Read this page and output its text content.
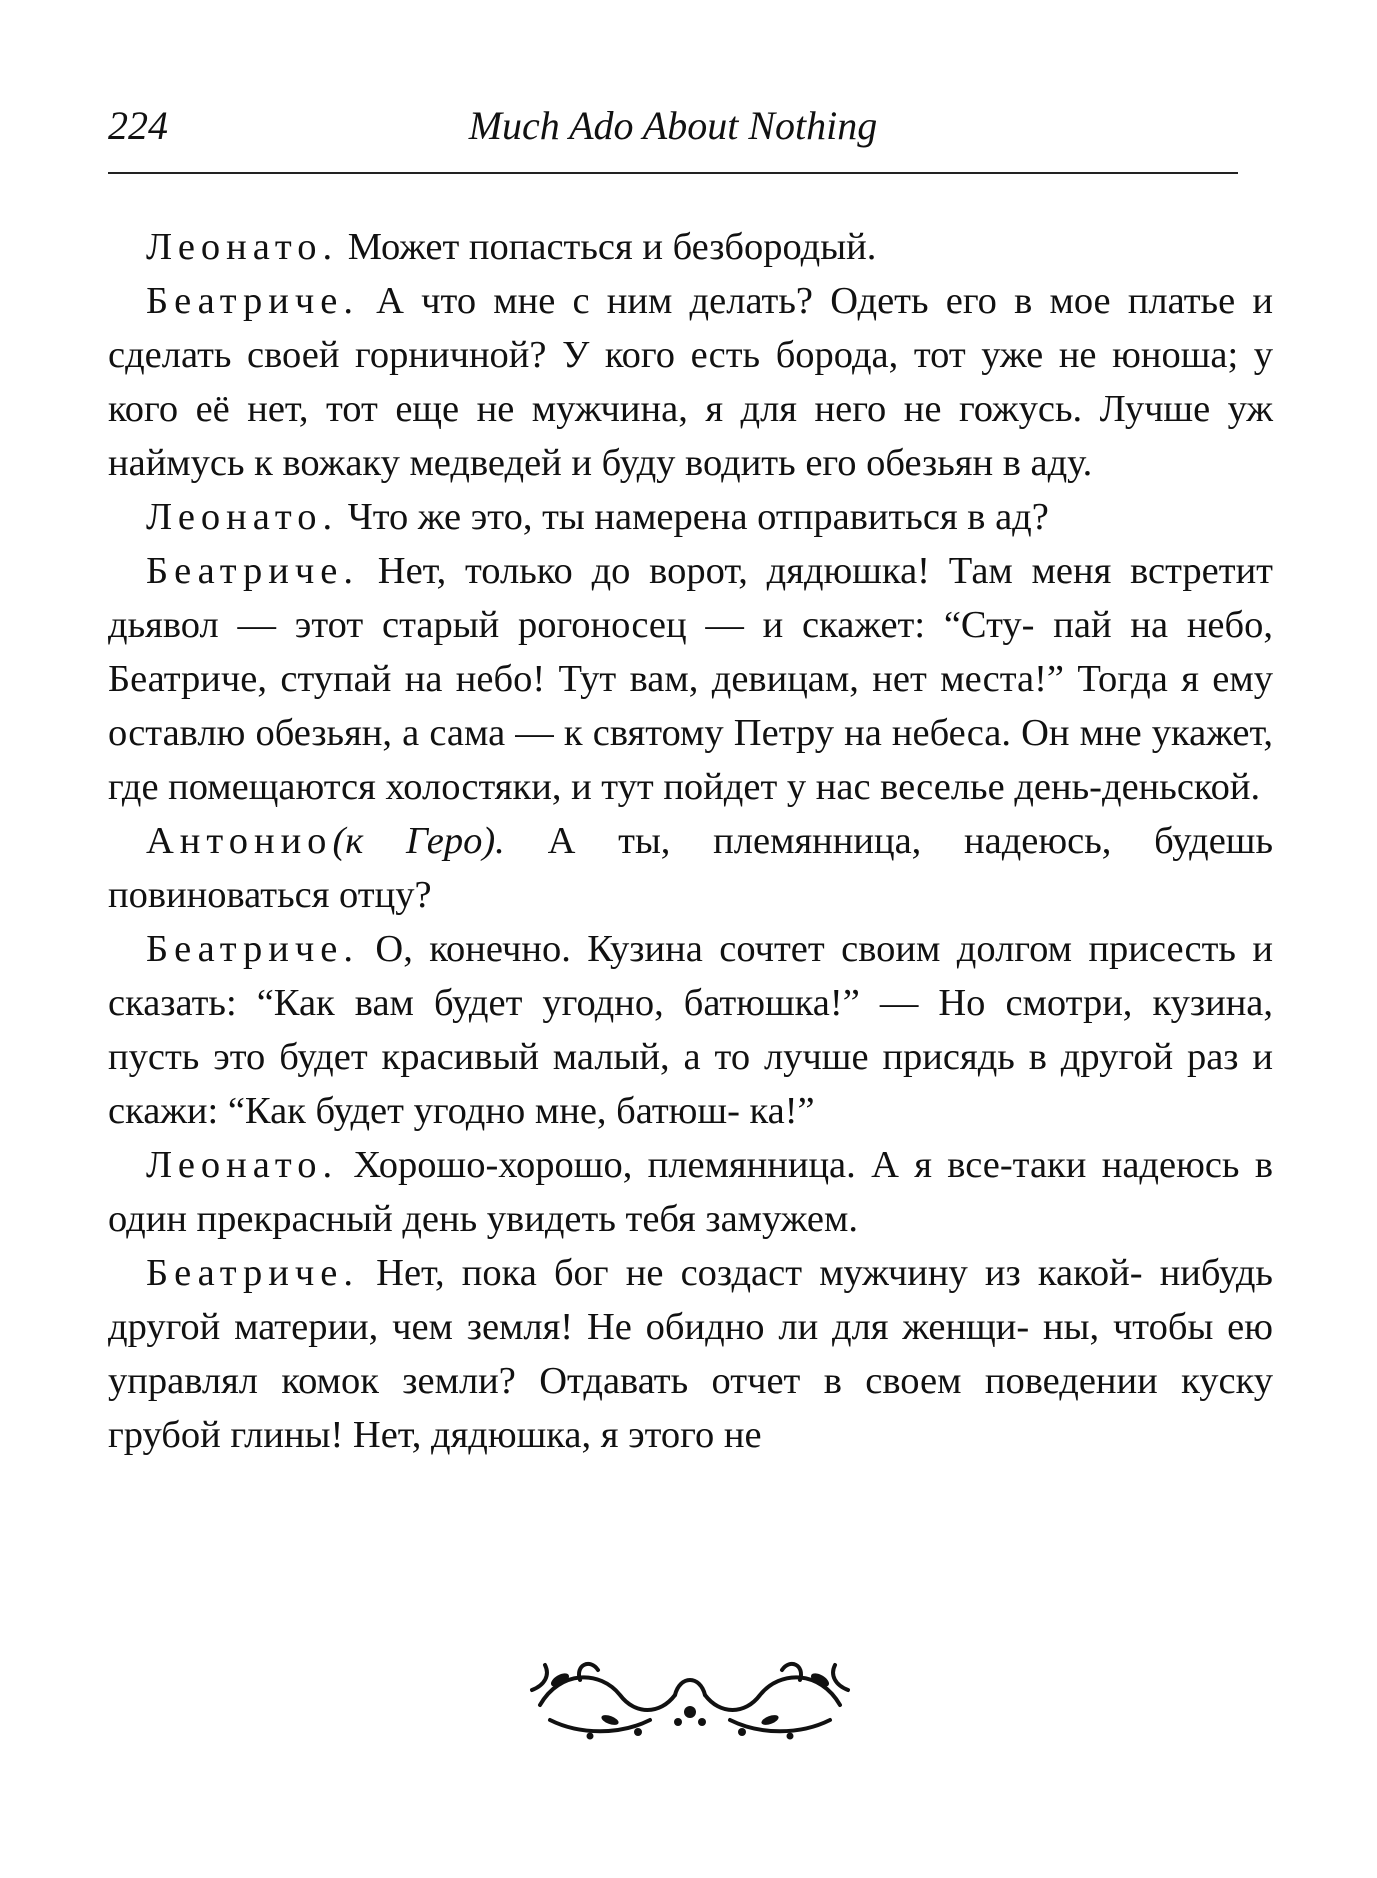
224	Much Ado About Nothing

Леонато. Может попасться и безбородый.

Беатриче. А что мне с ним делать? Одеть его в мое платье и сделать своей горничной? У кого есть борода, тот уже не юноша; у кого её нет, тот еще не мужчина, я для него не гожусь. Лучше уж наймусь к вожаку медведей и буду водить его обезьян в аду.

Леонато. Что же это, ты намерена отправиться в ад?

Беатриче. Нет, только до ворот, дядюшка! Там меня встретит дьявол — этот старый рогоносец — и скажет: “Сту- пай на небо, Беатриче, ступай на небо! Тут вам, девицам, нет места!” Тогда я ему оставлю обезьян, а сама — к святому Петру на небеса. Он мне укажет, где помещаются холостяки, и тут пойдет у нас веселье день-деньской.

Антонио(к Геро). А ты, племянница, надеюсь, будешь повиноваться отцу?

Беатриче. О, конечно. Кузина сочтет своим долгом присесть и сказать: “Как вам будет угодно, батюшка!” — Но смотри, кузина, пусть это будет красивый малый, а то лучше присядь в другой раз и скажи: “Как будет угодно мне, батюш- ка!”

Леонато. Хорошо-хорошо, племянница. А я все-таки надеюсь в один прекрасный день увидеть тебя замужем.

Беатриче. Нет, пока бог не создаст мужчину из какой- нибудь другой материи, чем земля! Не обидно ли для женщи- ны, чтобы ею управлял комок земли? Отдавать отчет в своем поведении куску грубой глины! Нет, дядюшка, я этого не
